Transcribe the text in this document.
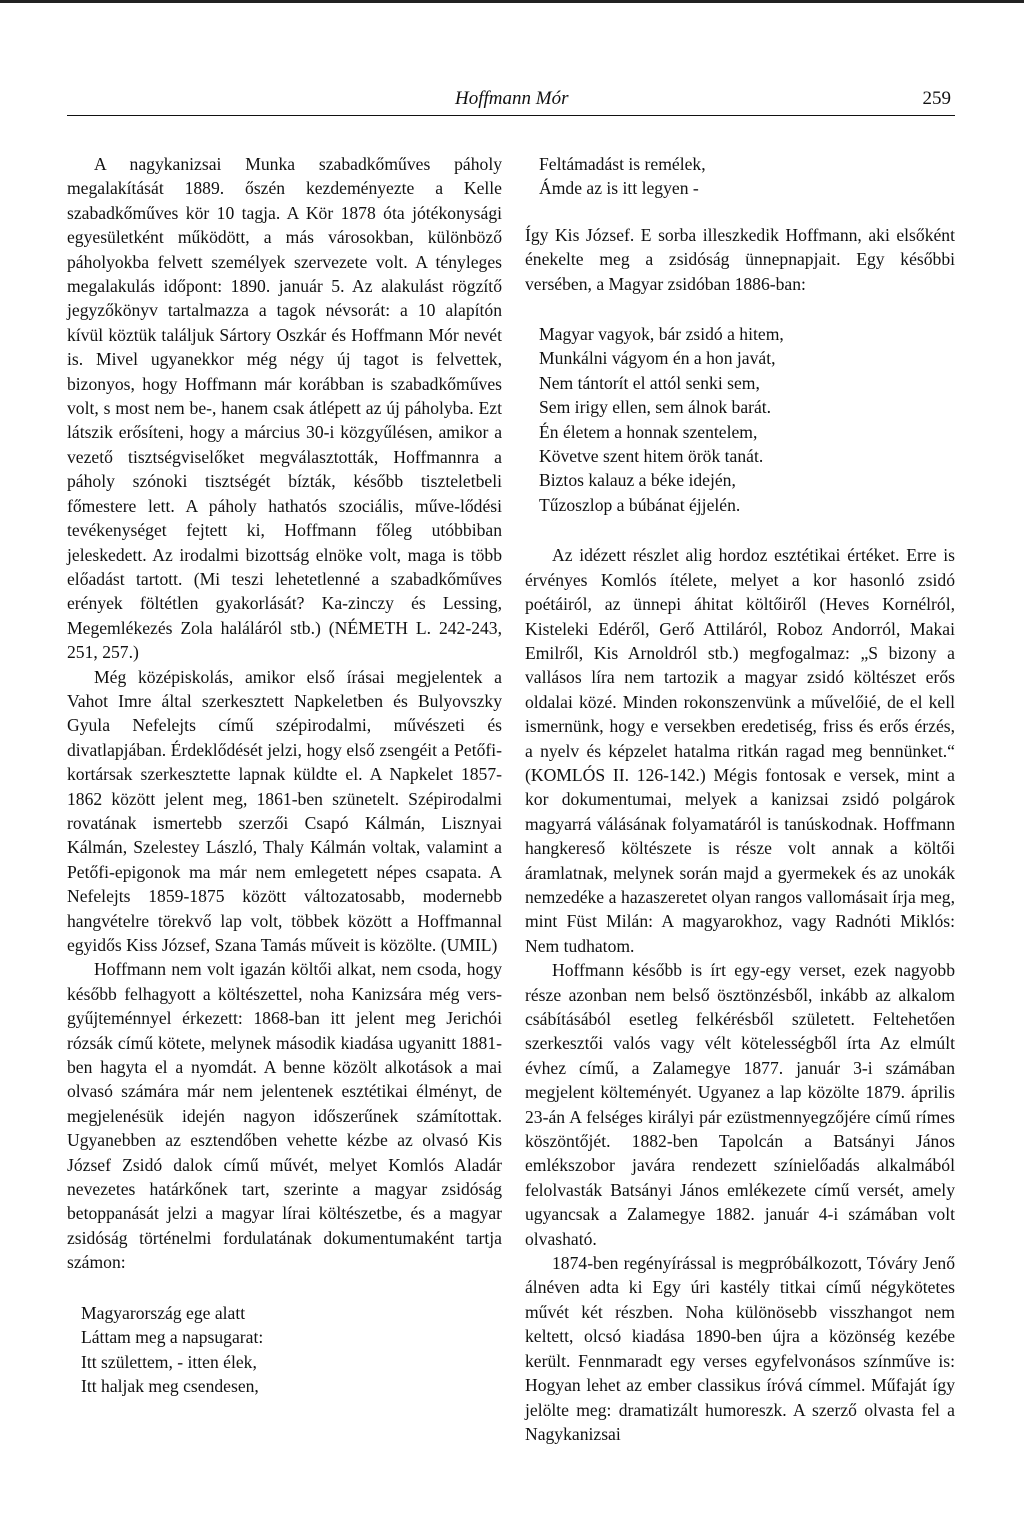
Hoffmann Mór	259

A nagykanizsai Munka szabadkőműves páholy megalakítását 1889. őszén kezdeményezte a Kelle szabadkőműves kör 10 tagja. A Kör 1878 óta jótékonysági egyesületként működött, a más városokban, különböző páholyokba felvett személyek szervezete volt. A tényleges megalakulás időpont: 1890. január 5. Az alakulást rögzítő jegyzőkönyv tartalmazza a tagok névsorát: a 10 alapítón kívül köztük találjuk Sártory Oszkár és Hoffmann Mór nevét is. Mivel ugyanekkor még négy új tagot is felvettek, bizonyos, hogy Hoffmann már korábban is szabadkőműves volt, s most nem be-, hanem csak átlépett az új páholyba. Ezt látszik erősíteni, hogy a március 30-i közgyűlésen, amikor a vezető tisztségviselőket megválasztották, Hoffmannra a páholy szónoki tisztségét bízták, később tiszteletbeli főmestere lett. A páholy hathatós szociális, műve-lődési tevékenységet fejtett ki, Hoffmann főleg utóbbiban jeleskedett. Az irodalmi bizottság elnöke volt, maga is több előadást tartott. (Mi teszi lehetetlenné a szabadkőműves erények föltétlen gyakorlását? Ka-zinczy és Lessing, Megemlékezés Zola haláláról stb.) (NÉMETH L. 242-243, 251, 257.)

Még középiskolás, amikor első írásai megjelentek a Vahot Imre által szerkesztett Napkeletben és Bulyovszky Gyula Nefelejts című szépirodalmi, művészeti és divatlapjában. Érdeklődését jelzi, hogy első zsengéit a Petőfi-kortársak szerkesztette lapnak küldte el. A Napkelet 1857-1862 között jelent meg, 1861-ben szünetelt. Szépirodalmi rovatának ismertebb szerzői Csapó Kálmán, Lisznyai Kálmán, Szelestey László, Thaly Kálmán voltak, valamint a Petőfi-epigonok ma már nem emlegetett népes csapata. A Nefelejts 1859-1875 között változatosabb, modernebb hangvételre törekvő lap volt, többek között a Hoffmannal egyidős Kiss József, Szana Tamás műveit is közölte. (UMIL)

Hoffmann nem volt igazán költői alkat, nem csoda, hogy később felhagyott a költészettel, noha Kanizsára még vers-gyűjteménnyel érkezett: 1868-ban itt jelent meg Jerichói rózsák című kötete, melynek második kiadása ugyanitt 1881-ben hagyta el a nyomdát. A benne közölt alkotások a mai olvasó számára már nem jelentenek esztétikai élményt, de megjelenésük idején nagyon időszerűnek számítottak. Ugyanebben az esztendőben vehette kézbe az olvasó Kis József Zsidó dalok című művét, melyet Komlós Aladár nevezetes határkőnek tart, szerinte a magyar zsidóság betoppanását jelzi a magyar lírai költészetbe, és a magyar zsidóság történelmi fordulatának dokumentumaként tartja számon:

Magyarország ege alatt
Láttam meg a napsugarat:
Itt születtem, - itten élek,
Itt haljak meg csendesen,
Feltámadást is remélek,
Ámde az is itt legyen -

Így Kis József. E sorba illeszkedik Hoffmann, aki elsőként énekelte meg a zsidóság ünnepnapjait. Egy későbbi versében, a Magyar zsidóban 1886-ban:

Magyar vagyok, bár zsidó a hitem,
Munkálni vágyom én a hon javát,
Nem tántorít el attól senki sem,
Sem irigy ellen, sem álnok barát.
Én életem a honnak szentelem,
Követve szent hitem örök tanát.
Biztos kalauz a béke idején,
Tűzoszlop a búbánat éjjelén.

Az idézett részlet alig hordoz esztétikai értéket. Erre is érvényes Komlós ítélete, melyet a kor hasonló zsidó poétáiról, az ünnepi áhitat költőiről (Heves Kornélról, Kisteleki Edéről, Gerő Attiláról, Roboz Andorról, Makai Emilről, Kis Arnoldról stb.) megfogalmaz: „S bizony a vallásos líra nem tartozik a magyar zsidó költészet erős oldalai közé. Minden rokonszenvünk a művelőié, de el kell ismernünk, hogy e versekben eredetiség, friss és erős érzés, a nyelv és képzelet hatalma ritkán ragad meg bennünket.“ (KOMLÓS II. 126-142.) Mégis fontosak e versek, mint a kor dokumentumai, melyek a kanizsai zsidó polgárok magyarrá válásának folyamatáról is tanúskodnak. Hoffmann hangkereső költészete is része volt annak a költői áramlatnak, melynek során majd a gyermekek és az unokák nemzedéke a hazaszeretet olyan rangos vallomásait írja meg, mint Füst Milán: A magyarokhoz, vagy Radnóti Miklós: Nem tudhatom.

Hoffmann később is írt egy-egy verset, ezek nagyobb része azonban nem belső ösztönzésből, inkább az alkalom csábításából esetleg felkérésből született. Feltehetően szerkesztői valós vagy vélt kötelességből írta Az elmúlt évhez című, a Zalamegye 1877. január 3-i számában megjelent költeményét. Ugyanez a lap közölte 1879. április 23-án A felséges királyi pár ezüstmennyegzőjére című rímes köszöntőjét. 1882-ben Tapolcán a Batsányi János emlékszobor javára rendezett színielőadás alkalmából felolvasták Batsányi János emlékezete című versét, amely ugyancsak a Zalamegye 1882. január 4-i számában volt olvasható.

1874-ben regényírással is megpróbálkozott, Tóváry Jenő álnéven adta ki Egy úri kastély titkai című négykötetes művét két részben. Noha különösebb visszhangot nem keltett, olcsó kiadása 1890-ben újra a közönség kezébe került. Fennmaradt egy verses egyfelvonásos színműve is: Hogyan lehet az ember classikus íróvá címmel. Műfaját így jelölte meg: dramatizált humoreszk. A szerző olvasta fel a Nagykanizsai
